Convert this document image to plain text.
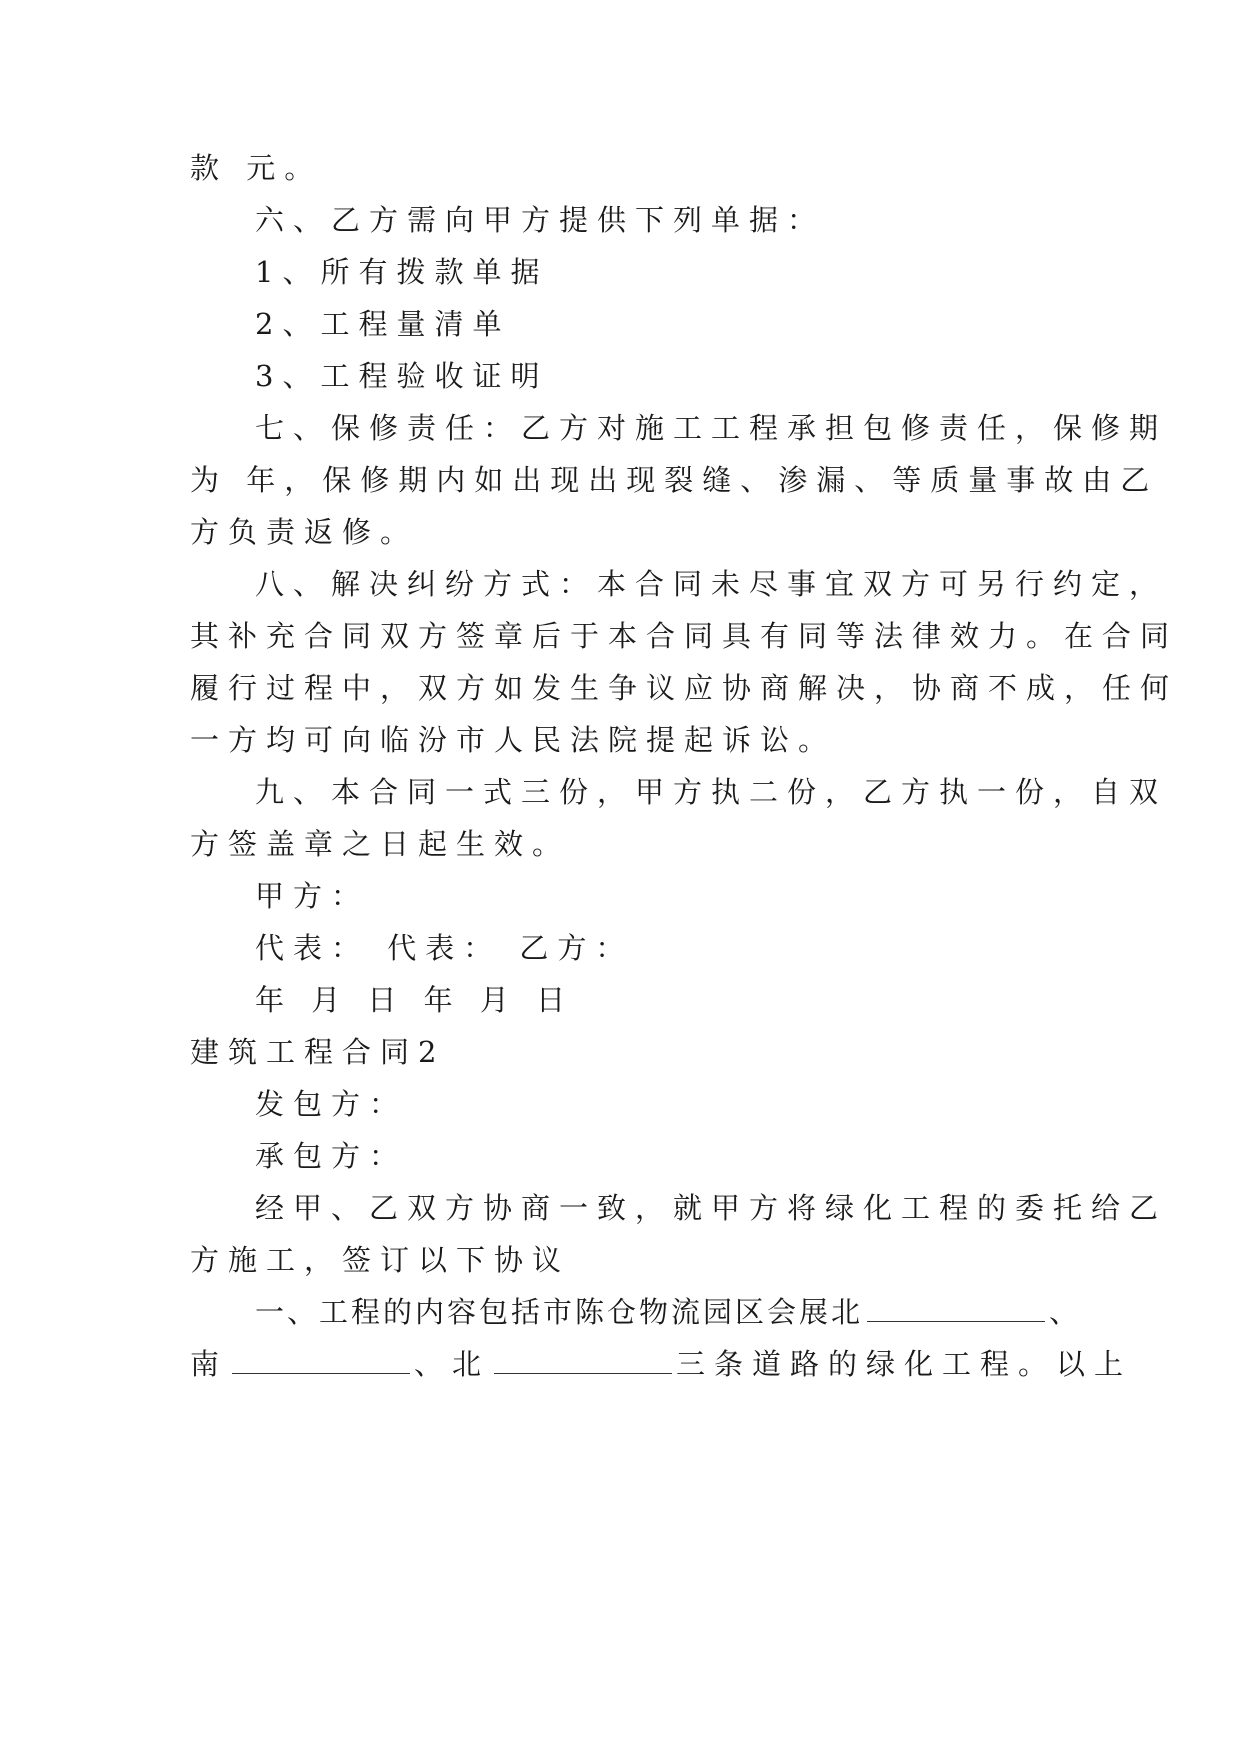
款 元。
六、乙方需向甲方提供下列单据：
1、所有拨款单据
2、工程量清单
3、工程验收证明
七、保修责任：乙方对施工工程承担包修责任，保修期
为 年，保修期内如出现出现裂缝、渗漏、等质量事故由乙
方负责返修。
八、解决纠纷方式：本合同未尽事宜双方可另行约定，
其补充合同双方签章后于本合同具有同等法律效力。在合同
履行过程中，双方如发生争议应协商解决，协商不成，任何
一方均可向临汾市人民法院提起诉讼。
九、本合同一式三份，甲方执二份，乙方执一份，自双
方签盖章之日起生效。
甲方：
代表： 代表： 乙方：
年 月 日 年 月 日
建筑工程合同2
发包方：
承包方：
经甲、乙双方协商一致，就甲方将绿化工程的委托给乙
方施工，签订以下协议
一、工程的内容包括市陈仓物流园区会展北	、
南	、北	三条道路的绿化工程。以上
